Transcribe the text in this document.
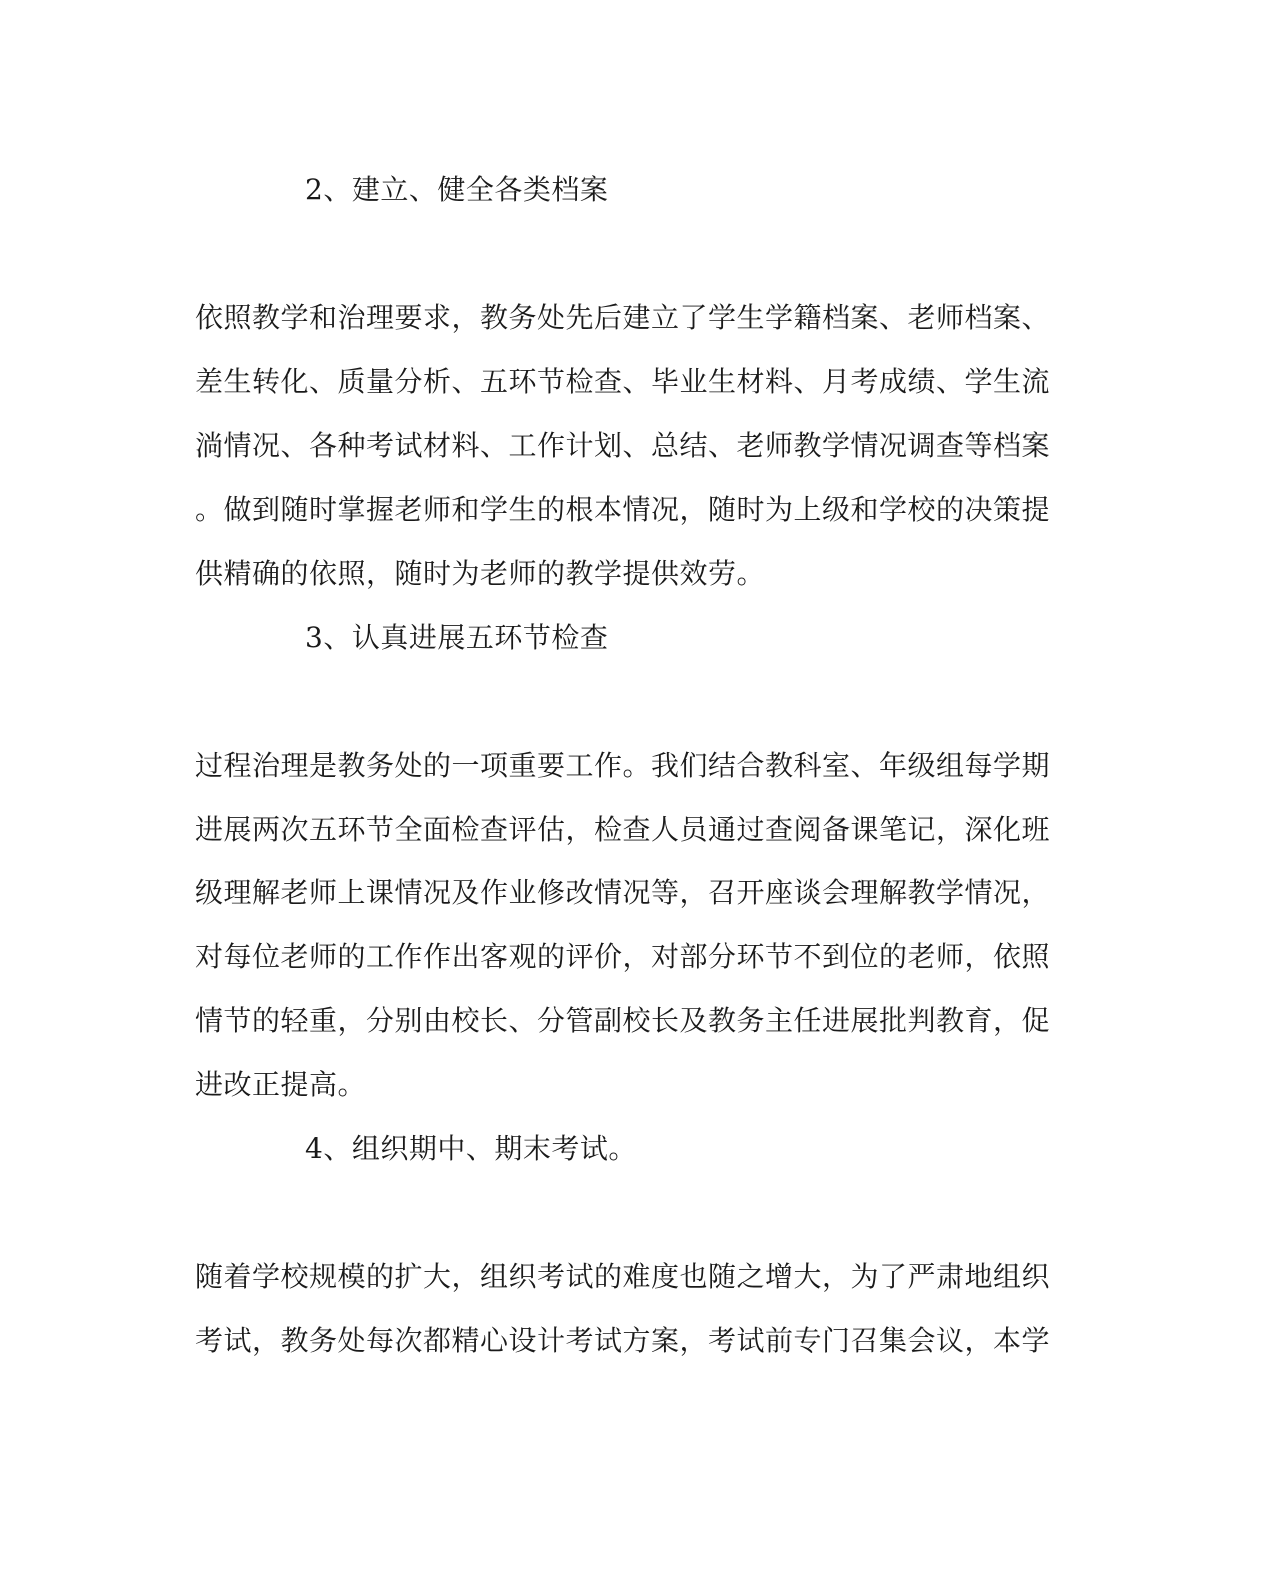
2、建立、健全各类档案
依照教学和治理要求，教务处先后建立了学生学籍档案、老师档案、
差生转化、质量分析、五环节检查、毕业生材料、月考成绩、学生流
淌情况、各种考试材料、工作计划、总结、老师教学情况调查等档案
。做到随时掌握老师和学生的根本情况，随时为上级和学校的决策提
供精确的依照，随时为老师的教学提供效劳。
3、认真进展五环节检查
过程治理是教务处的一项重要工作。我们结合教科室、年级组每学期
进展两次五环节全面检查评估，检查人员通过查阅备课笔记，深化班
级理解老师上课情况及作业修改情况等，召开座谈会理解教学情况，
对每位老师的工作作出客观的评价，对部分环节不到位的老师，依照
情节的轻重，分别由校长、分管副校长及教务主任进展批判教育，促
进改正提高。
4、组织期中、期末考试。
随着学校规模的扩大，组织考试的难度也随之增大，为了严肃地组织
考试，教务处每次都精心设计考试方案，考试前专门召集会议，本学
